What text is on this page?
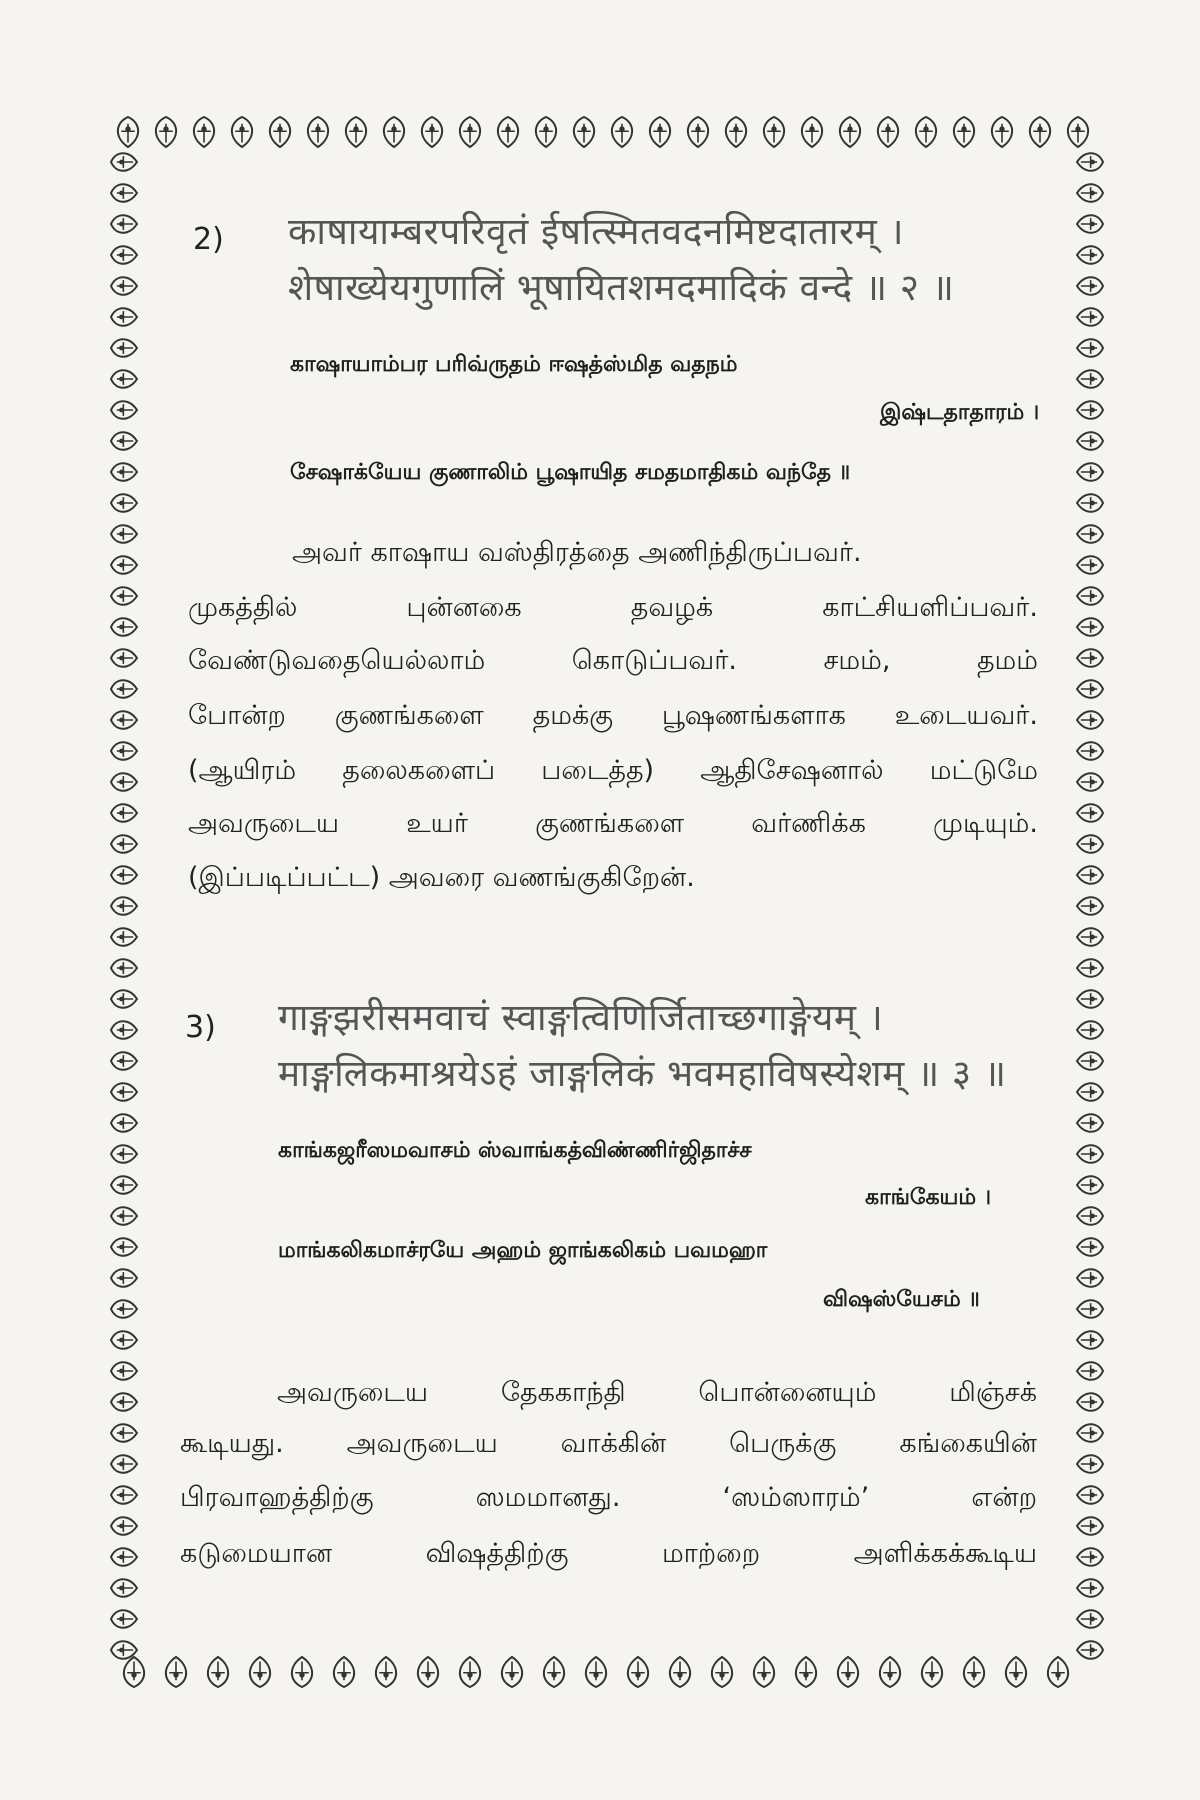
2) काषायाम्बरपरिवृतं ईषत्स्मितवदनमिष्टदातारम् ।
शेषाख्येयगुणालिं भूषायितशमदमादिकं वन्दे ॥ २ ॥
காஷாயாம்பர பரிவ்ருதம் ஈஷத்ஸ்மித வதநம்
இஷ்டதாதாரம் ।
சேஷாக்யேய குணாலிம் பூஷாயித சமதமாதிகம் வந்தே ॥
அவர் காஷாய வஸ்திரத்தை அணிந்திருப்பவர்.
முகத்தில்	புன்னகை	தவழக்	காட்சியளிப்பவர்.
வேண்டுவதையெல்லாம்	கொடுப்பவர்.	சமம்,	தமம்
போன்ற குணங்களை தமக்கு பூஷணங்களாக உடையவர்.
(ஆயிரம் தலைகளைப் படைத்த) ஆதிசேஷனால் மட்டுமே
அவருடைய உயர் குணங்களை வர்ணிக்க முடியும்.
(இப்படிப்பட்ட) அவரை வணங்குகிறேன்.
3) गाङ्गझरीसमवाचं स्वाङ्गत्विणिर्जिताच्छगाङ्गेयम् ।
माङ्गलिकमाश्रयेऽहं जाङ्गलिकं भवमहाविषस्येशम् ॥ ३ ॥
காங்கஜரீஸமவாசம் ஸ்வாங்கத்விண்ணிர்ஜிதாச்ச
காங்கேயம் ।
மாங்கலிகமாச்ரயே அஹம் ஜாங்கலிகம் பவமஹா
விஷஸ்யேசம் ॥
அவருடைய	தேககாந்தி	பொன்னையும்	மிஞ்சக்
கூடியது. அவருடைய வாக்கின் பெருக்கு கங்கையின்
பிரவாஹத்திற்கு	ஸமமானது.	‘ஸம்ஸாரம்’	என்ற
கடுமையான	விஷத்திற்கு	மாற்றை	அளிக்கக்கூடிய
